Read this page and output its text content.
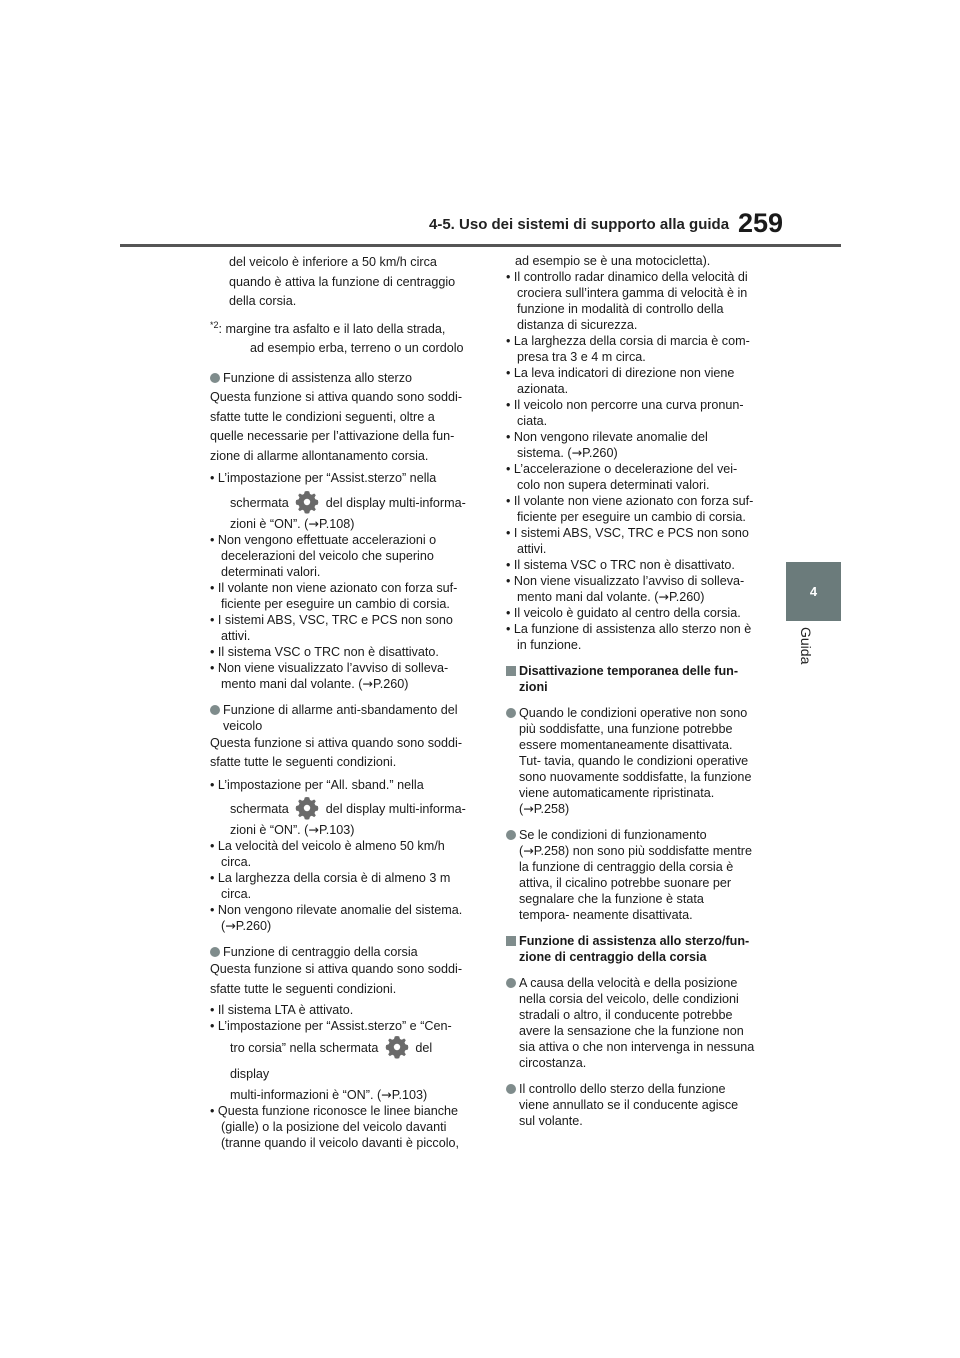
4-5. Uso dei sistemi di supporto alla guida 259
4
Guida

del veicolo è inferiore a 50 km/h circa

quando è attiva la funzione di centraggio

della corsia.

$^{*2}$: margine tra asfalto e il lato della strada,

ad esempio erba, terreno o un cordolo

Funzione di assistenza allo sterzo

Questa funzione si attiva quando sono soddi-

sfatte tutte le condizioni seguenti, oltre a

quelle necessarie per l’attivazione della fun-

zione di allarme allontanamento corsia.

• L’impostazione per “Assist.sterzo” nella

schermata	del display multi-informa-

zioni è “ON”. (→P.108)

• Non vengono effettuate accelerazioni o decelerazioni del veicolo che superino determinati valori.

• Il volante non viene azionato con forza suf- ficiente per eseguire un cambio di corsia.

• I sistemi ABS, VSC, TRC e PCS non sono attivi.

• Il sistema VSC o TRC non è disattivato.

• Non viene visualizzato l’avviso di solleva- mento mani dal volante. (→P.260)

Funzione di allarme anti-sbandamento del veicolo

Questa funzione si attiva quando sono soddi-

sfatte tutte le seguenti condizioni.

• L’impostazione per “All. sband.” nella

schermata	del display multi-informa-

zioni è “ON”. (→P.103)

• La velocità del veicolo è almeno 50 km/h circa.

• La larghezza della corsia è di almeno 3 m circa.

• Non vengono rilevate anomalie del sistema. (→P.260)

Funzione di centraggio della corsia

Questa funzione si attiva quando sono soddi-

sfatte tutte le seguenti condizioni.

• Il sistema LTA è attivato.

• L’impostazione per “Assist.sterzo” e “Cen-

tro corsia” nella schermata	del display

multi-informazioni è “ON”. (→P.103)

• Questa funzione riconosce le linee bianche (gialle) o la posizione del veicolo davanti (tranne quando il veicolo davanti è piccolo,

ad esempio se è una motocicletta).

• Il controllo radar dinamico della velocità di crociera sull’intera gamma di velocità è in funzione in modalità di controllo della distanza di sicurezza.

• La larghezza della corsia di marcia è com- presa tra 3 e 4 m circa.

• La leva indicatori di direzione non viene azionata.

• Il veicolo non percorre una curva pronun- ciata.

• Non vengono rilevate anomalie del sistema. (→P.260)

• L’accelerazione o decelerazione del vei- colo non supera determinati valori.

• Il volante non viene azionato con forza suf- ficiente per eseguire un cambio di corsia.

• I sistemi ABS, VSC, TRC e PCS non sono attivi.

• Il sistema VSC o TRC non è disattivato.

• Non viene visualizzato l’avviso di solleva- mento mani dal volante. (→P.260)

• Il veicolo è guidato al centro della corsia.

• La funzione di assistenza allo sterzo non è in funzione.

Disattivazione temporanea delle fun- zioni
Quando le condizioni operative non sono più soddisfatte, una funzione potrebbe essere momentaneamente disattivata. Tut- tavia, quando le condizioni operative sono nuovamente soddisfatte, la funzione viene automaticamente ripristinata. (→P.258)
Se le condizioni di funzionamento (→P.258) non sono più soddisfatte mentre la funzione di centraggio della corsia è attiva, il cicalino potrebbe suonare per segnalare che la funzione è stata tempora- neamente disattivata.
Funzione di assistenza allo sterzo/fun- zione di centraggio della corsia
A causa della velocità e della posizione nella corsia del veicolo, delle condizioni stradali o altro, il conducente potrebbe avere la sensazione che la funzione non sia attiva o che non intervenga in nessuna circostanza.
Il controllo dello sterzo della funzione viene annullato se il conducente agisce sul volante.
